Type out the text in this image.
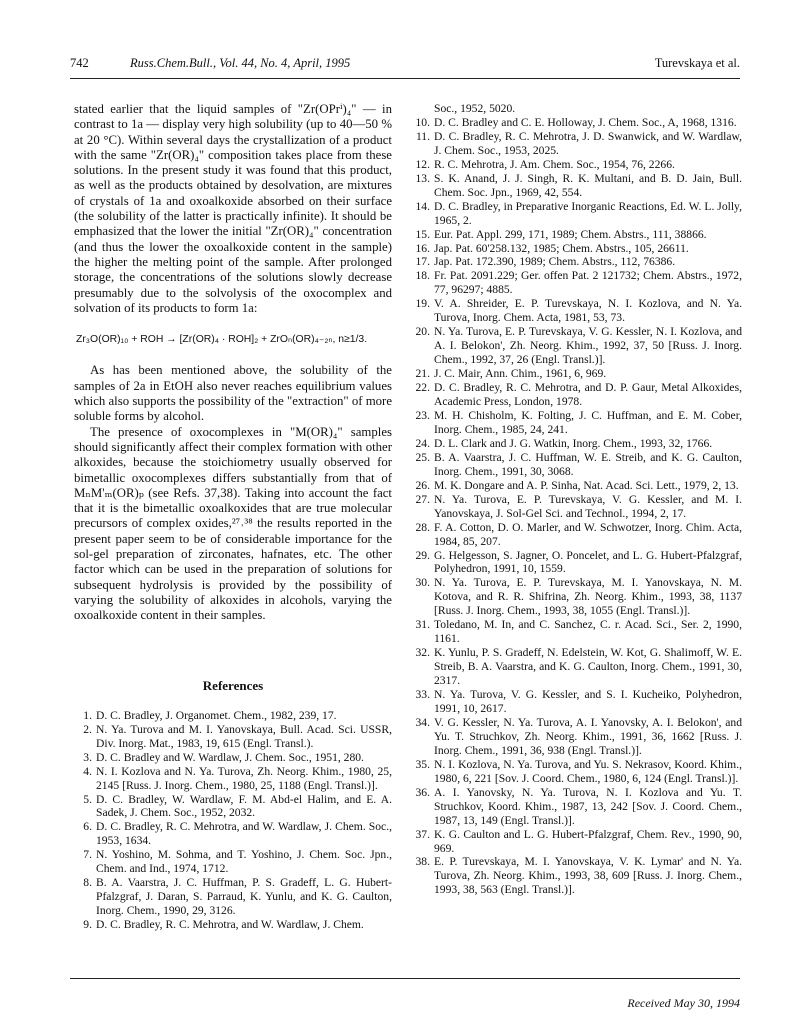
742	Russ.Chem.Bull., Vol. 44, No. 4, April, 1995	Turevskaya et al.

stated earlier that the liquid samples of "Zr(OPrⁱ)₄" — in contrast to 1a — display very high solubility (up to 40—50 % at 20 °C). Within several days the crystallization of a product with the same "Zr(OR)₄" composition takes place from these solutions. In the present study it was found that this product, as well as the products obtained by desolvation, are mixtures of crystals of 1a and oxoalkoxide absorbed on their surface (the solubility of the latter is practically infinite). It should be emphasized that the lower the initial "Zr(OR)₄" concentration (and thus the lower the oxoalkoxide content in the sample) the higher the melting point of the sample. After prolonged storage, the concentrations of the solutions slowly decrease presumably due to the solvolysis of the oxocomplex and solvation of its products to form 1a:

Zr₃O(OR)₁₀ + ROH → [Zr(OR)₄ · ROH]₂ + ZrOₙ(OR)₄₋₂ₙ, n≥1/3.

As has been mentioned above, the solubility of the samples of 2a in EtOH also never reaches equilibrium values which also supports the possibility of the "extraction" of more soluble forms by alcohol.

The presence of oxocomplexes in "M(OR)₄" samples should significantly affect their complex formation with other alkoxides, because the stoichiometry usually observed for bimetallic oxocomplexes differs substantially from that of MₙM'ₘ(OR)ₚ (see Refs. 37,38). Taking into account the fact that it is the bimetallic oxoalkoxides that are true molecular precursors of complex oxides,²⁷˒³⁸ the results reported in the present paper seem to be of considerable importance for the sol-gel preparation of zirconates, hafnates, etc. The other factor which can be used in the preparation of solutions for subsequent hydrolysis is provided by the possibility of varying the solubility of alkoxides in alcohols, varying the oxoalkoxide content in their samples.

References
1. D. C. Bradley, J. Organomet. Chem., 1982, 239, 17.
2. N. Ya. Turova and M. I. Yanovskaya, Bull. Acad. Sci. USSR, Div. Inorg. Mat., 1983, 19, 615 (Engl. Transl.).
3. D. C. Bradley and W. Wardlaw, J. Chem. Soc., 1951, 280.
4. N. I. Kozlova and N. Ya. Turova, Zh. Neorg. Khim., 1980, 25, 2145 [Russ. J. Inorg. Chem., 1980, 25, 1188 (Engl. Transl.)].
5. D. C. Bradley, W. Wardlaw, F. M. Abd-el Halim, and E. A. Sadek, J. Chem. Soc., 1952, 2032.
6. D. C. Bradley, R. C. Mehrotra, and W. Wardlaw, J. Chem. Soc., 1953, 1634.
7. N. Yoshino, M. Sohma, and T. Yoshino, J. Chem. Soc. Jpn., Chem. and Ind., 1974, 1712.
8. B. A. Vaarstra, J. C. Huffman, P. S. Gradeff, L. G. Hubert-Pfalzgraf, J. Daran, S. Parraud, K. Yunlu, and K. G. Caulton, Inorg. Chem., 1990, 29, 3126.
9. D. C. Bradley, R. C. Mehrotra, and W. Wardlaw, J. Chem.
Soc., 1952, 5020.
10. D. C. Bradley and C. E. Holloway, J. Chem. Soc., A, 1968, 1316.
11. D. C. Bradley, R. C. Mehrotra, J. D. Swanwick, and W. Wardlaw, J. Chem. Soc., 1953, 2025.
12. R. C. Mehrotra, J. Am. Chem. Soc., 1954, 76, 2266.
13. S. K. Anand, J. J. Singh, R. K. Multani, and B. D. Jain, Bull. Chem. Soc. Jpn., 1969, 42, 554.
14. D. C. Bradley, in Preparative Inorganic Reactions, Ed. W. L. Jolly, 1965, 2.
15. Eur. Pat. Appl. 299, 171, 1989; Chem. Abstrs., 111, 38866.
16. Jap. Pat. 60'258.132, 1985; Chem. Abstrs., 105, 26611.
17. Jap. Pat. 172.390, 1989; Chem. Abstrs., 112, 76386.
18. Fr. Pat. 2091.229; Ger. offen Pat. 2 121732; Chem. Abstrs., 1972, 77, 96297; 4885.
19. V. A. Shreider, E. P. Turevskaya, N. I. Kozlova, and N. Ya. Turova, Inorg. Chem. Acta, 1981, 53, 73.
20. N. Ya. Turova, E. P. Turevskaya, V. G. Kessler, N. I. Kozlova, and A. I. Belokon', Zh. Neorg. Khim., 1992, 37, 50 [Russ. J. Inorg. Chem., 1992, 37, 26 (Engl. Transl.)].
21. J. C. Mair, Ann. Chim., 1961, 6, 969.
22. D. C. Bradley, R. C. Mehrotra, and D. P. Gaur, Metal Alkoxides, Academic Press, London, 1978.
23. M. H. Chisholm, K. Folting, J. C. Huffman, and E. M. Cober, Inorg. Chem., 1985, 24, 241.
24. D. L. Clark and J. G. Watkin, Inorg. Chem., 1993, 32, 1766.
25. B. A. Vaarstra, J. C. Huffman, W. E. Streib, and K. G. Caulton, Inorg. Chem., 1991, 30, 3068.
26. M. K. Dongare and A. P. Sinha, Nat. Acad. Sci. Lett., 1979, 2, 13.
27. N. Ya. Turova, E. P. Turevskaya, V. G. Kessler, and M. I. Yanovskaya, J. Sol-Gel Sci. and Technol., 1994, 2, 17.
28. F. A. Cotton, D. O. Marler, and W. Schwotzer, Inorg. Chim. Acta, 1984, 85, 207.
29. G. Helgesson, S. Jagner, O. Poncelet, and L. G. Hubert-Pfalzgraf, Polyhedron, 1991, 10, 1559.
30. N. Ya. Turova, E. P. Turevskaya, M. I. Yanovskaya, N. M. Kotova, and R. R. Shifrina, Zh. Neorg. Khim., 1993, 38, 1137 [Russ. J. Inorg. Chem., 1993, 38, 1055 (Engl. Transl.)].
31. Toledano, M. In, and C. Sanchez, C. r. Acad. Sci., Ser. 2, 1990, 1161.
32. K. Yunlu, P. S. Gradeff, N. Edelstein, W. Kot, G. Shalimoff, W. E. Streib, B. A. Vaarstra, and K. G. Caulton, Inorg. Chem., 1991, 30, 2317.
33. N. Ya. Turova, V. G. Kessler, and S. I. Kucheiko, Polyhedron, 1991, 10, 2617.
34. V. G. Kessler, N. Ya. Turova, A. I. Yanovsky, A. I. Belokon', and Yu. T. Struchkov, Zh. Neorg. Khim., 1991, 36, 1662 [Russ. J. Inorg. Chem., 1991, 36, 938 (Engl. Transl.)].
35. N. I. Kozlova, N. Ya. Turova, and Yu. S. Nekrasov, Koord. Khim., 1980, 6, 221 [Sov. J. Coord. Chem., 1980, 6, 124 (Engl. Transl.)].
36. A. I. Yanovsky, N. Ya. Turova, N. I. Kozlova and Yu. T. Struchkov, Koord. Khim., 1987, 13, 242 [Sov. J. Coord. Chem., 1987, 13, 149 (Engl. Transl.)].
37. K. G. Caulton and L. G. Hubert-Pfalzgraf, Chem. Rev., 1990, 90, 969.
38. E. P. Turevskaya, M. I. Yanovskaya, V. K. Lymar' and N. Ya. Turova, Zh. Neorg. Khim., 1993, 38, 609 [Russ. J. Inorg. Chem., 1993, 38, 563 (Engl. Transl.)].
Received May 30, 1994
